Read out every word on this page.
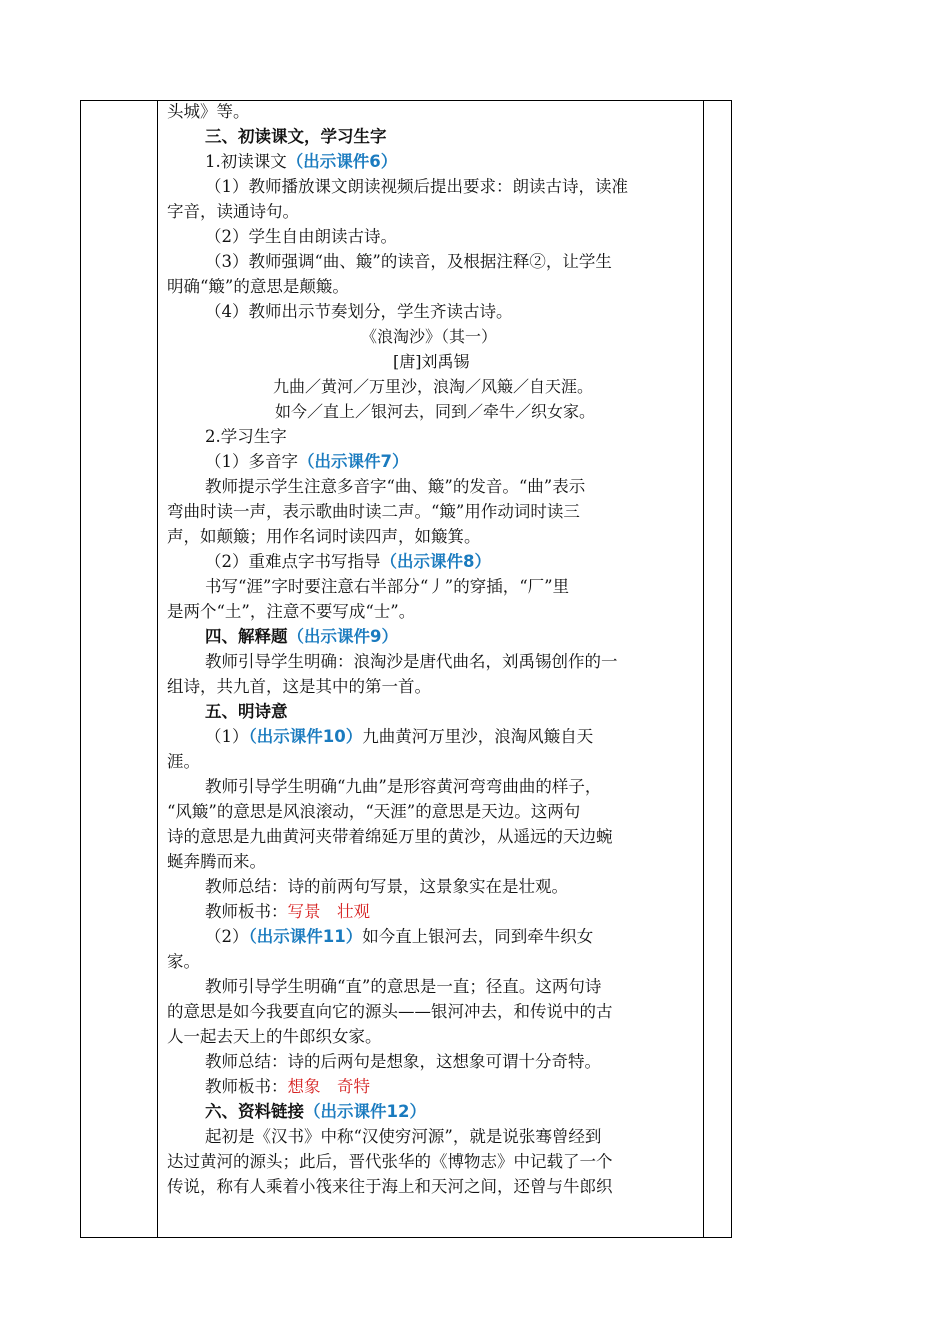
头城》等。
三、初读课文，学习生字
1.初读课文（出示课件6）
（1）教师播放课文朗读视频后提出要求：朗读古诗，读准
字音，读通诗句。
（2）学生自由朗读古诗。
（3）教师强调“曲、簸”的读音，及根据注释②，让学生
明确“簸”的意思是颠簸。
（4）教师出示节奏划分，学生齐读古诗。
《浪淘沙》（其一）
[唐]刘禹锡
九曲／黄河／万里沙，浪淘／风簸／自天涯。
如今／直上／银河去，同到／牵牛／织女家。
2.学习生字
（1）多音字（出示课件7）
教师提示学生注意多音字“曲、簸”的发音。“曲”表示
弯曲时读一声，表示歌曲时读二声。“簸”用作动词时读三
声，如颠簸；用作名词时读四声，如簸箕。
（2）重难点字书写指导（出示课件8）
书写“涯”字时要注意右半部分“丿”的穿插，“厂”里
是两个“土”，注意不要写成“士”。
四、解释题（出示课件9）
教师引导学生明确：浪淘沙是唐代曲名，刘禹锡创作的一
组诗，共九首，这是其中的第一首。
五、明诗意
（1）（出示课件10）九曲黄河万里沙，浪淘风簸自天
涯。
教师引导学生明确“九曲”是形容黄河弯弯曲曲的样子，
“风簸”的意思是风浪滚动，“天涯”的意思是天边。这两句
诗的意思是九曲黄河夹带着绵延万里的黄沙，从遥远的天边蜿
蜒奔腾而来。
教师总结：诗的前两句写景，这景象实在是壮观。
教师板书：写景　壮观
（2）（出示课件11）如今直上银河去，同到牵牛织女
家。
教师引导学生明确“直”的意思是一直；径直。这两句诗
的意思是如今我要直向它的源头——银河冲去，和传说中的古
人一起去天上的牛郎织女家。
教师总结：诗的后两句是想象，这想象可谓十分奇特。
教师板书：想象　奇特
六、资料链接（出示课件12）
起初是《汉书》中称“汉使穷河源”，就是说张骞曾经到
达过黄河的源头；此后，晋代张华的《博物志》中记载了一个
传说，称有人乘着小筏来往于海上和天河之间，还曾与牛郎织
